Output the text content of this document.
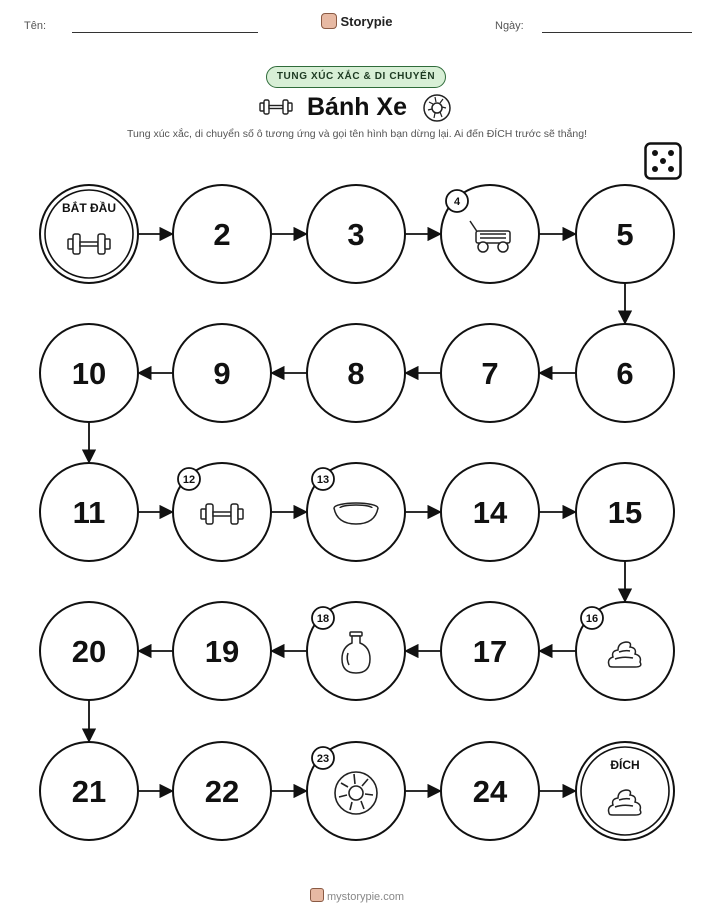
Tên:	Storypie	Ngày:
TUNG XÚC XẮC & DI CHUYỂN
Bánh Xe
Tung xúc xắc, di chuyển số ô tương ứng và gọi tên hình bạn dừng lại. Ai đến ĐÍCH trước sẽ thắng!
BẮT ĐẦU
2	3
4
5
6
7
8
9
10
11
12	13
14	15
16
17
18
19
20
21	22
23
24
ĐÍCH
mystorypie.com
